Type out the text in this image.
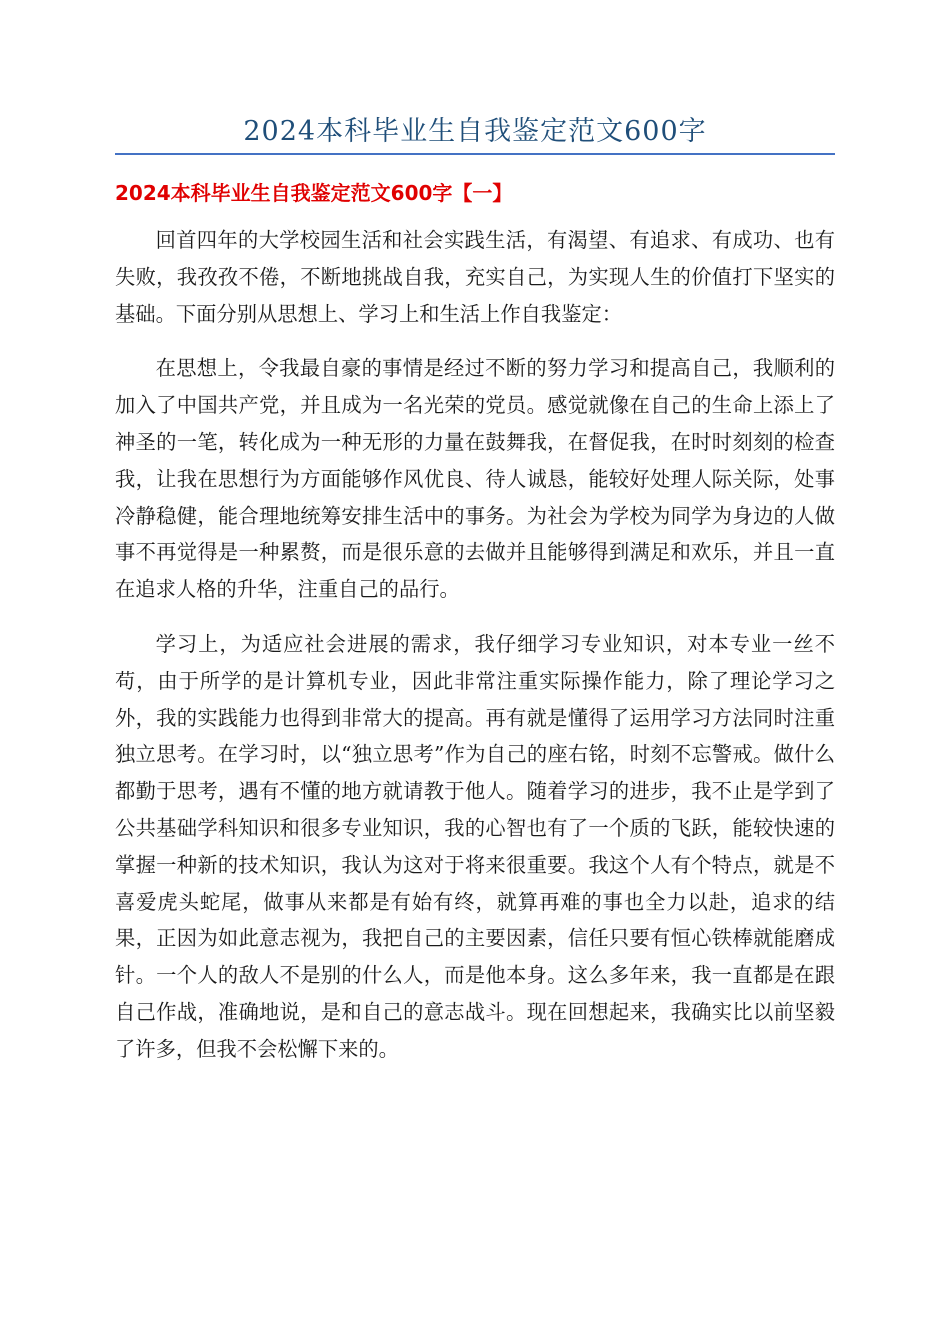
2024本科毕业生自我鉴定范文600字
2024本科毕业生自我鉴定范文600字【一】

回首四年的大学校园生活和社会实践生活，有渴望、有追求、有成功、也有失败，我孜孜不倦，不断地挑战自我，充实自己，为实现人生的价值打下坚实的基础。下面分别从思想上、学习上和生活上作自我鉴定：

在思想上，令我最自豪的事情是经过不断的努力学习和提高自己，我顺利的加入了中国共产党，并且成为一名光荣的党员。感觉就像在自己的生命上添上了神圣的一笔，转化成为一种无形的力量在鼓舞我，在督促我，在时时刻刻的检查我，让我在思想行为方面能够作风优良、待人诚恳，能较好处理人际关际，处事冷静稳健，能合理地统筹安排生活中的事务。为社会为学校为同学为身边的人做事不再觉得是一种累赘，而是很乐意的去做并且能够得到满足和欢乐，并且一直在追求人格的升华，注重自己的品行。

学习上，为适应社会进展的需求，我仔细学习专业知识，对本专业一丝不苟，由于所学的是计算机专业，因此非常注重实际操作能力，除了理论学习之外，我的实践能力也得到非常大的提高。再有就是懂得了运用学习方法同时注重独立思考。在学习时，以“独立思考”作为自己的座右铭，时刻不忘警戒。做什么都勤于思考，遇有不懂的地方就请教于他人。随着学习的进步，我不止是学到了公共基础学科知识和很多专业知识，我的心智也有了一个质的飞跃，能较快速的掌握一种新的技术知识，我认为这对于将来很重要。我这个人有个特点，就是不喜爱虎头蛇尾，做事从来都是有始有终，就算再难的事也全力以赴，追求的结果，正因为如此意志视为，我把自己的主要因素，信任只要有恒心铁棒就能磨成针。一个人的敌人不是别的什么人，而是他本身。这么多年来，我一直都是在跟自己作战，准确地说，是和自己的意志战斗。现在回想起来，我确实比以前坚毅了许多，但我不会松懈下来的。
